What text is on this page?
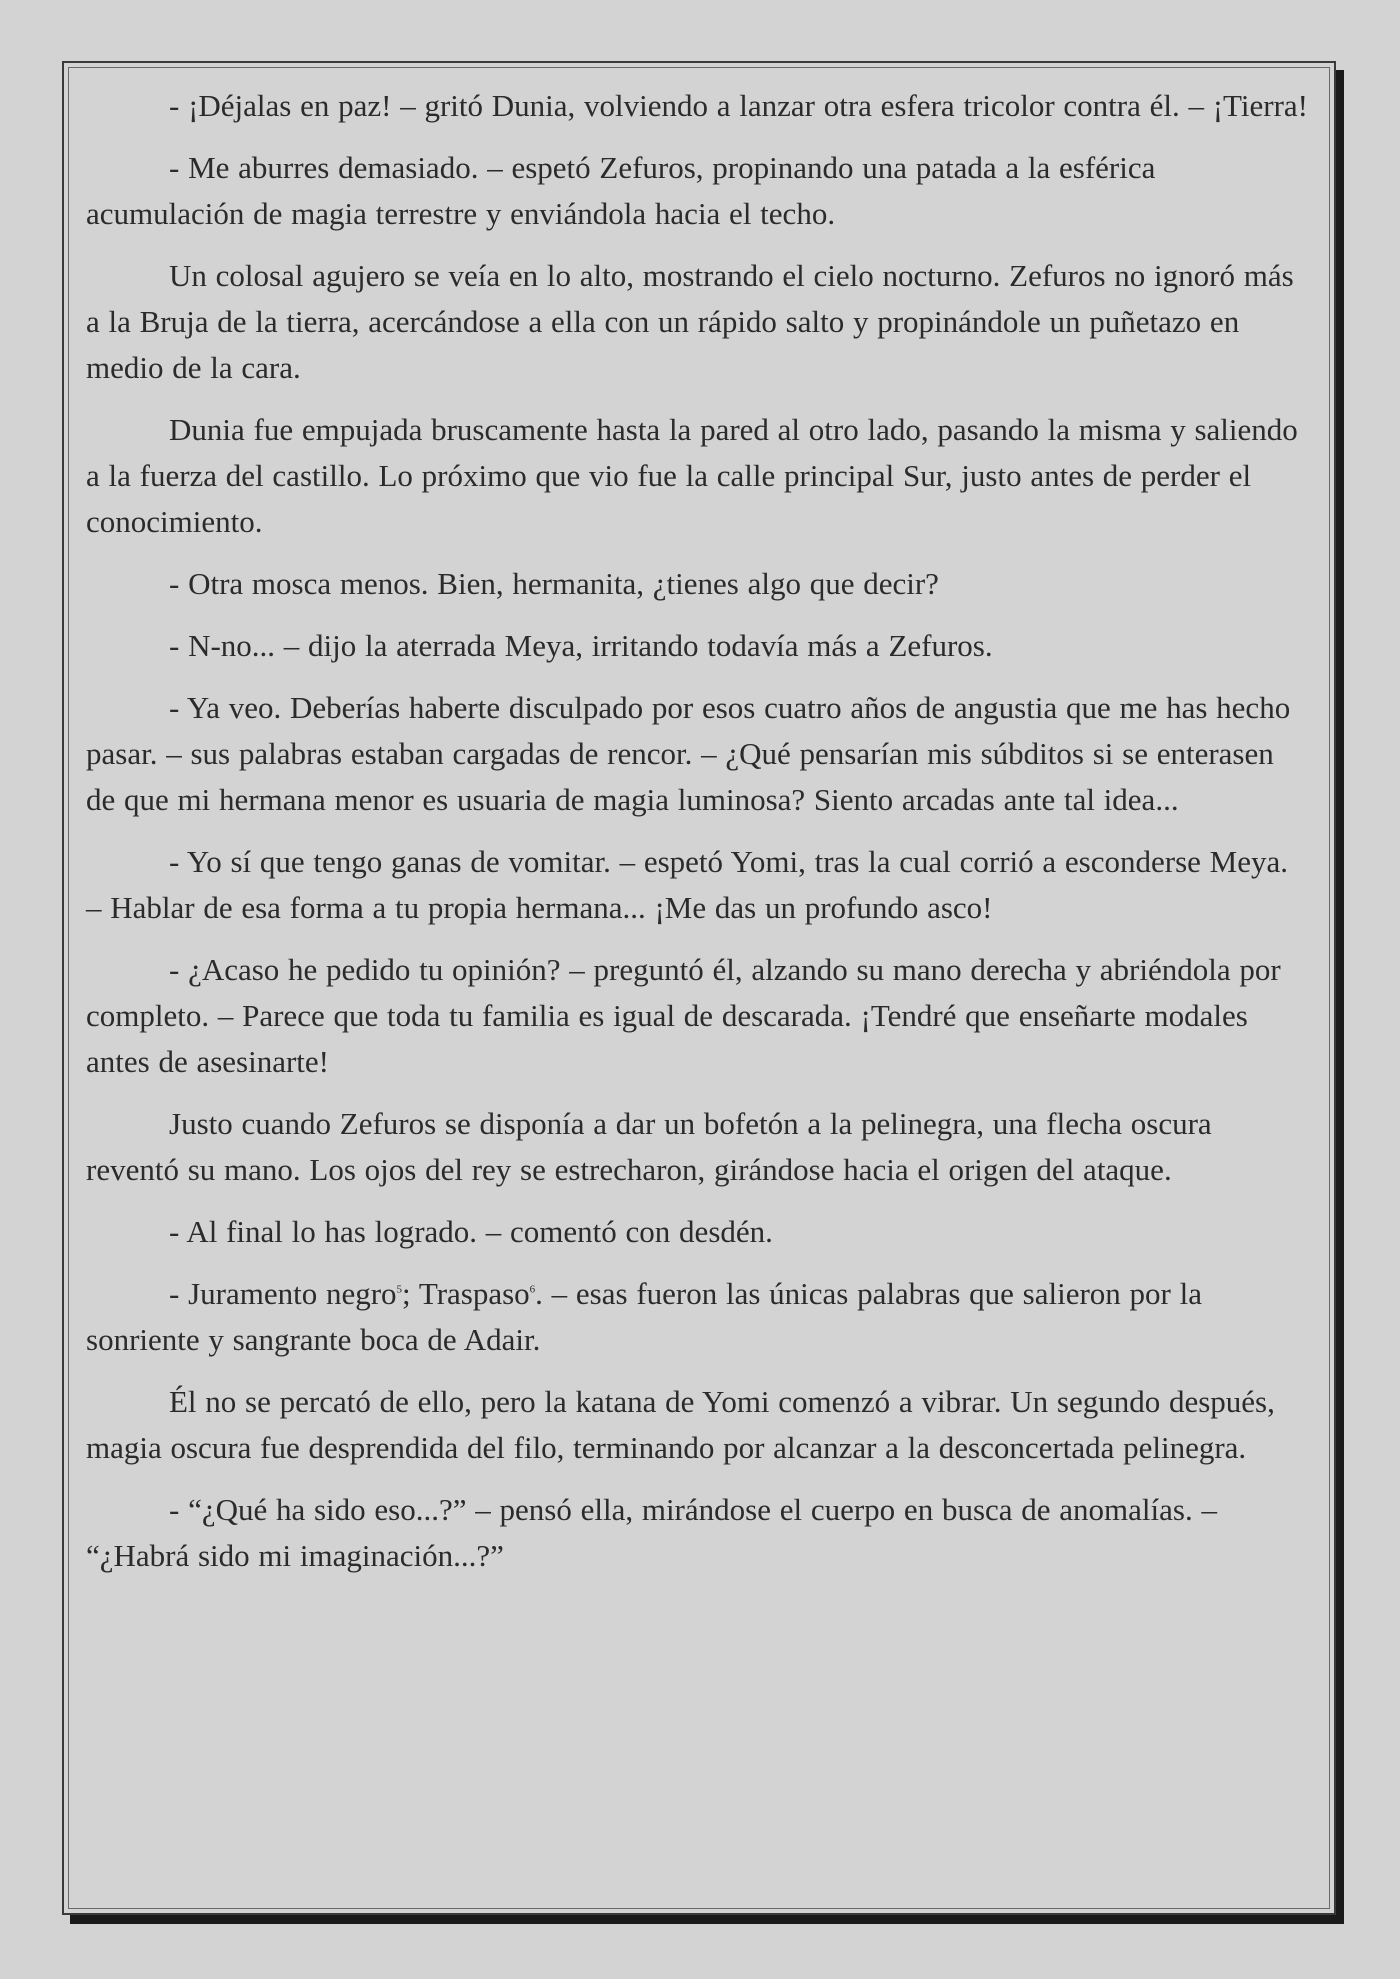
- ¡Déjalas en paz! – gritó Dunia, volviendo a lanzar otra esfera tricolor contra él. – ¡Tierra!

- Me aburres demasiado. – espetó Zefuros, propinando una patada a la esférica acumulación de magia terrestre y enviándola hacia el techo.

Un colosal agujero se veía en lo alto, mostrando el cielo nocturno. Zefuros no ignoró más a la Bruja de la tierra, acercándose a ella con un rápido salto y propinándole un puñetazo en medio de la cara.

Dunia fue empujada bruscamente hasta la pared al otro lado, pasando la misma y saliendo a la fuerza del castillo. Lo próximo que vio fue la calle principal Sur, justo antes de perder el conocimiento.

- Otra mosca menos. Bien, hermanita, ¿tienes algo que decir?

- N-no... – dijo la aterrada Meya, irritando todavía más a Zefuros.

- Ya veo. Deberías haberte disculpado por esos cuatro años de angustia que me has hecho pasar. – sus palabras estaban cargadas de rencor. – ¿Qué pensarían mis súbditos si se enterasen de que mi hermana menor es usuaria de magia luminosa? Siento arcadas ante tal idea...

- Yo sí que tengo ganas de vomitar. – espetó Yomi, tras la cual corrió a esconderse Meya. – Hablar de esa forma a tu propia hermana... ¡Me das un profundo asco!

- ¿Acaso he pedido tu opinión? – preguntó él, alzando su mano derecha y abriéndola por completo. – Parece que toda tu familia es igual de descarada. ¡Tendré que enseñarte modales antes de asesinarte!

Justo cuando Zefuros se disponía a dar un bofetón a la pelinegra, una flecha oscura reventó su mano. Los ojos del rey se estrecharon, girándose hacia el origen del ataque.

- Al final lo has logrado. – comentó con desdén.

- Juramento negro$^5$; Traspaso$^6$. – esas fueron las únicas palabras que salieron por la sonriente y sangrante boca de Adair.

Él no se percató de ello, pero la katana de Yomi comenzó a vibrar. Un segundo después, magia oscura fue desprendida del filo, terminando por alcanzar a la desconcertada pelinegra.

- “¿Qué ha sido eso...?” – pensó ella, mirándose el cuerpo en busca de anomalías. – “¿Habrá sido mi imaginación...?”
